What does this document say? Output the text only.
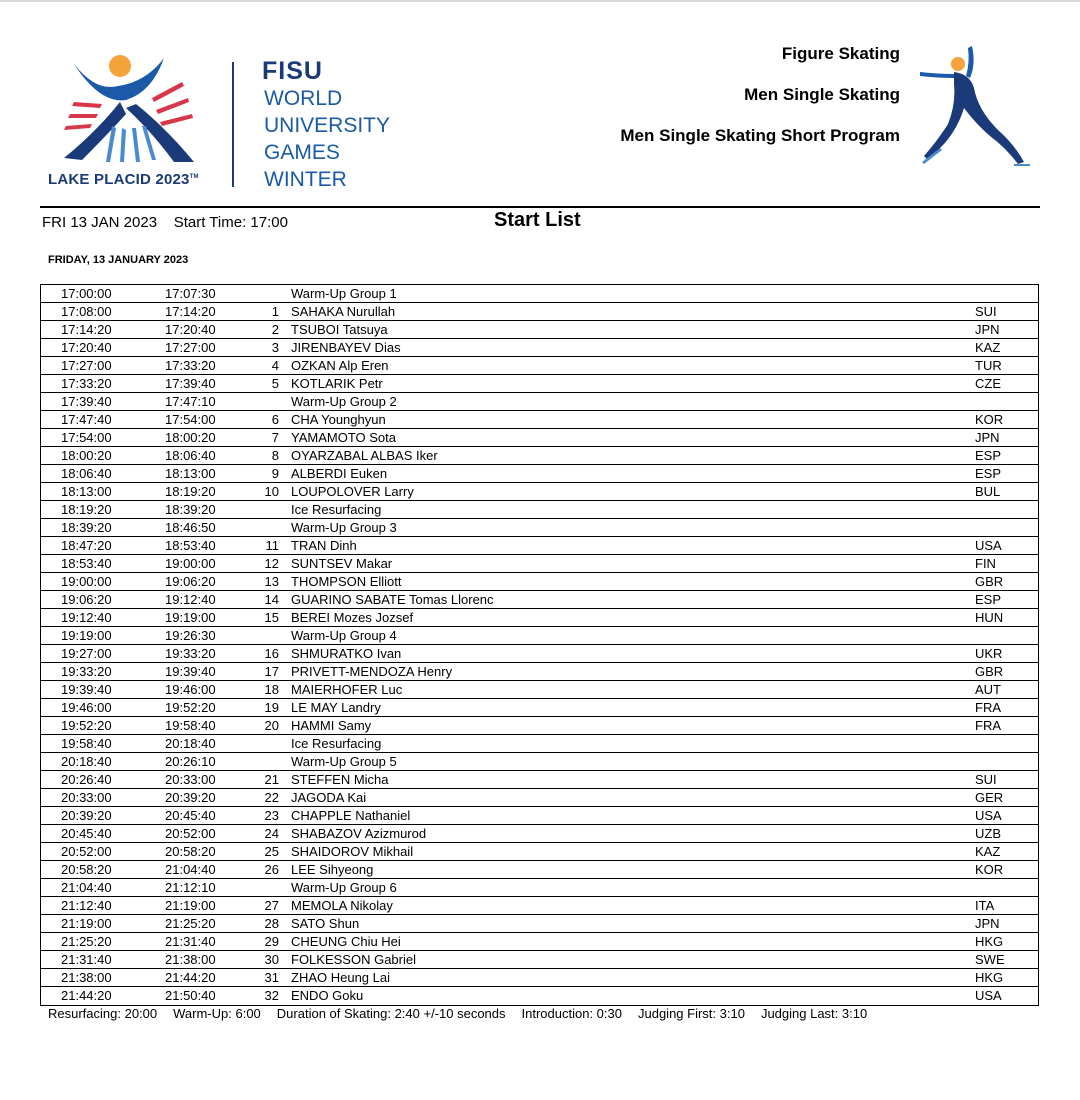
LAKE PLACID 2023™
FISU
WORLD
UNIVERSITY
GAMES
WINTER
Figure Skating
Men Single Skating
Men Single Skating Short Program
FRI 13 JAN 2023 Start Time: 17:00	Start List
FRIDAY, 13 JANUARY 2023
17:00:00	17:07:30	Warm-Up Group 1
17:08:00	17:14:20	1 SAHAKA Nurullah	SUI
17:14:20	17:20:40	2 TSUBOI Tatsuya	JPN
17:20:40	17:27:00	3 JIRENBAYEV Dias	KAZ
17:27:00	17:33:20	4 OZKAN Alp Eren	TUR
17:33:20	17:39:40	5 KOTLARIK Petr	CZE
17:39:40	17:47:10	Warm-Up Group 2
17:47:40	17:54:00	6 CHA Younghyun	KOR
17:54:00	18:00:20	7 YAMAMOTO Sota	JPN
18:00:20	18:06:40	8 OYARZABAL ALBAS Iker	ESP
18:06:40	18:13:00	9 ALBERDI Euken	ESP
18:13:00	18:19:20	10 LOUPOLOVER Larry	BUL
18:19:20	18:39:20	Ice Resurfacing
18:39:20	18:46:50	Warm-Up Group 3
18:47:20	18:53:40	11 TRAN Dinh	USA
18:53:40	19:00:00	12 SUNTSEV Makar	FIN
19:00:00	19:06:20	13 THOMPSON Elliott	GBR
19:06:20	19:12:40	14 GUARINO SABATE Tomas Llorenc	ESP
19:12:40	19:19:00	15 BEREI Mozes Jozsef	HUN
19:19:00	19:26:30	Warm-Up Group 4
19:27:00	19:33:20	16 SHMURATKO Ivan	UKR
19:33:20	19:39:40	17 PRIVETT-MENDOZA Henry	GBR
19:39:40	19:46:00	18 MAIERHOFER Luc	AUT
19:46:00	19:52:20	19 LE MAY Landry	FRA
19:52:20	19:58:40	20 HAMMI Samy	FRA
19:58:40	20:18:40	Ice Resurfacing
20:18:40	20:26:10	Warm-Up Group 5
20:26:40	20:33:00	21 STEFFEN Micha	SUI
20:33:00	20:39:20	22 JAGODA Kai	GER
20:39:20	20:45:40	23 CHAPPLE Nathaniel	USA
20:45:40	20:52:00	24 SHABAZOV Azizmurod	UZB
20:52:00	20:58:20	25 SHAIDOROV Mikhail	KAZ
20:58:20	21:04:40	26 LEE Sihyeong	KOR
21:04:40	21:12:10	Warm-Up Group 6
21:12:40	21:19:00	27 MEMOLA Nikolay	ITA
21:19:00	21:25:20	28 SATO Shun	JPN
21:25:20	21:31:40	29 CHEUNG Chiu Hei	HKG
21:31:40	21:38:00	30 FOLKESSON Gabriel	SWE
21:38:00	21:44:20	31 ZHAO Heung Lai	HKG
21:44:20	21:50:40	32 ENDO Goku	USA
Resurfacing: 20:00 Warm-Up: 6:00 Duration of Skating: 2:40 +/-10 seconds Introduction: 0:30 Judging First: 3:10 Judging Last: 3:10
